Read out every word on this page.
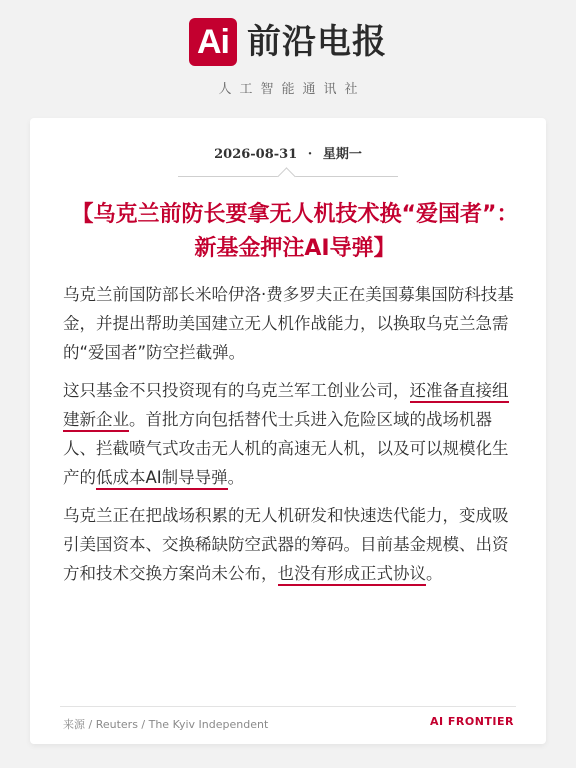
Ai 前沿电报
人工智能通讯社
2026-08-31 · 星期一
【乌克兰前防长要拿无人机技术换“爱国者”：新基金押注AI导弹】

乌克兰前国防部长米哈伊洛·费多罗夫正在美国募集国防科技基金，并提出帮助美国建立无人机作战能力，以换取乌克兰急需的“爱国者”防空拦截弹。

这只基金不只投资现有的乌克兰军工创业公司，还准备直接组建新企业。首批方向包括替代士兵进入危险区域的战场机器人、拦截喷气式攻击无人机的高速无人机，以及可以规模化生产的低成本AI制导导弹。

乌克兰正在把战场积累的无人机研发和快速迭代能力，变成吸引美国资本、交换稀缺防空武器的筹码。目前基金规模、出资方和技术交换方案尚未公布，也没有形成正式协议。

来源 / Reuters / The Kyiv Independent	AI FRONTIER
